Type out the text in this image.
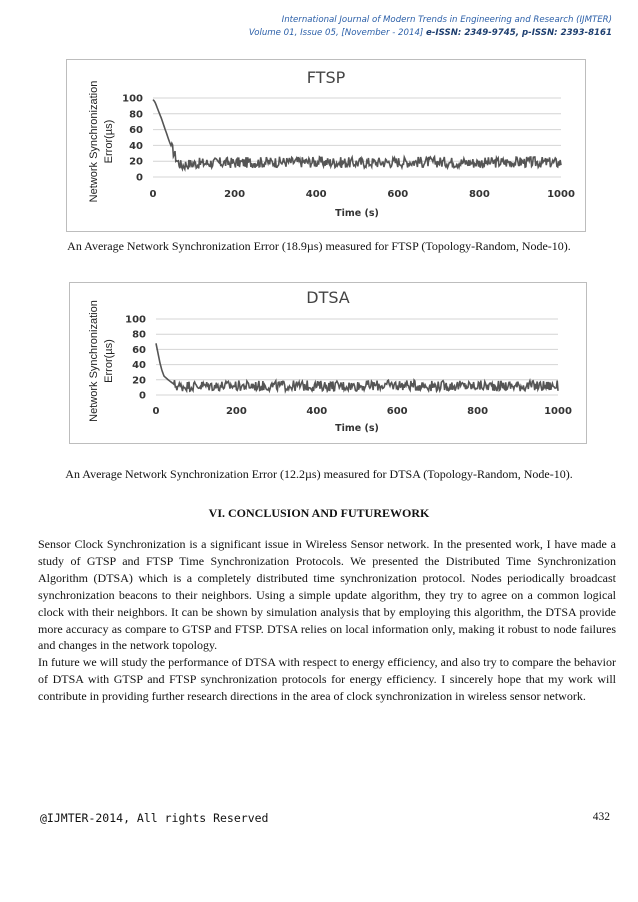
International Journal of Modern Trends in Engineering and Research (IJMTER)
Volume 01, Issue 05, [November - 2014] e-ISSN: 2349-9745, p-ISSN: 2393-8161
FTSP
0
20
40
60
80
100
0	200	400	600	800	1000
Time (s)
Network Synchronization Error(µs)
An Average Network Synchronization Error (18.9µs) measured for FTSP (Topology-Random, Node-10).
DTSA
0
20
40
60
80
100
0	200	400	600	800	1000
Time (s)
Network Synchronization Error(µs)
An Average Network Synchronization Error (12.2µs) measured for DTSA (Topology-Random, Node-10).
VI. CONCLUSION AND FUTUREWORK

Sensor Clock Synchronization is a significant issue in Wireless Sensor network. In the presented work, I have made a study of GTSP and FTSP Time Synchronization Protocols. We presented the Distributed Time Synchronization Algorithm (DTSA) which is a completely distributed time synchronization protocol. Nodes periodically broadcast synchronization beacons to their neighbors. Using a simple update algorithm, they try to agree on a common logical clock with their neighbors. It can be shown by simulation analysis that by employing this algorithm, the DTSA provide more accuracy as compare to GTSP and FTSP. DTSA relies on local information only, making it robust to node failures and changes in the network topology.

In future we will study the performance of DTSA with respect to energy efficiency, and also try to compare the behavior of DTSA with GTSP and FTSP synchronization protocols for energy efficiency. I sincerely hope that my work will contribute in providing further research directions in the area of clock synchronization in wireless sensor network.

@IJMTER-2014, All rights Reserved	432
